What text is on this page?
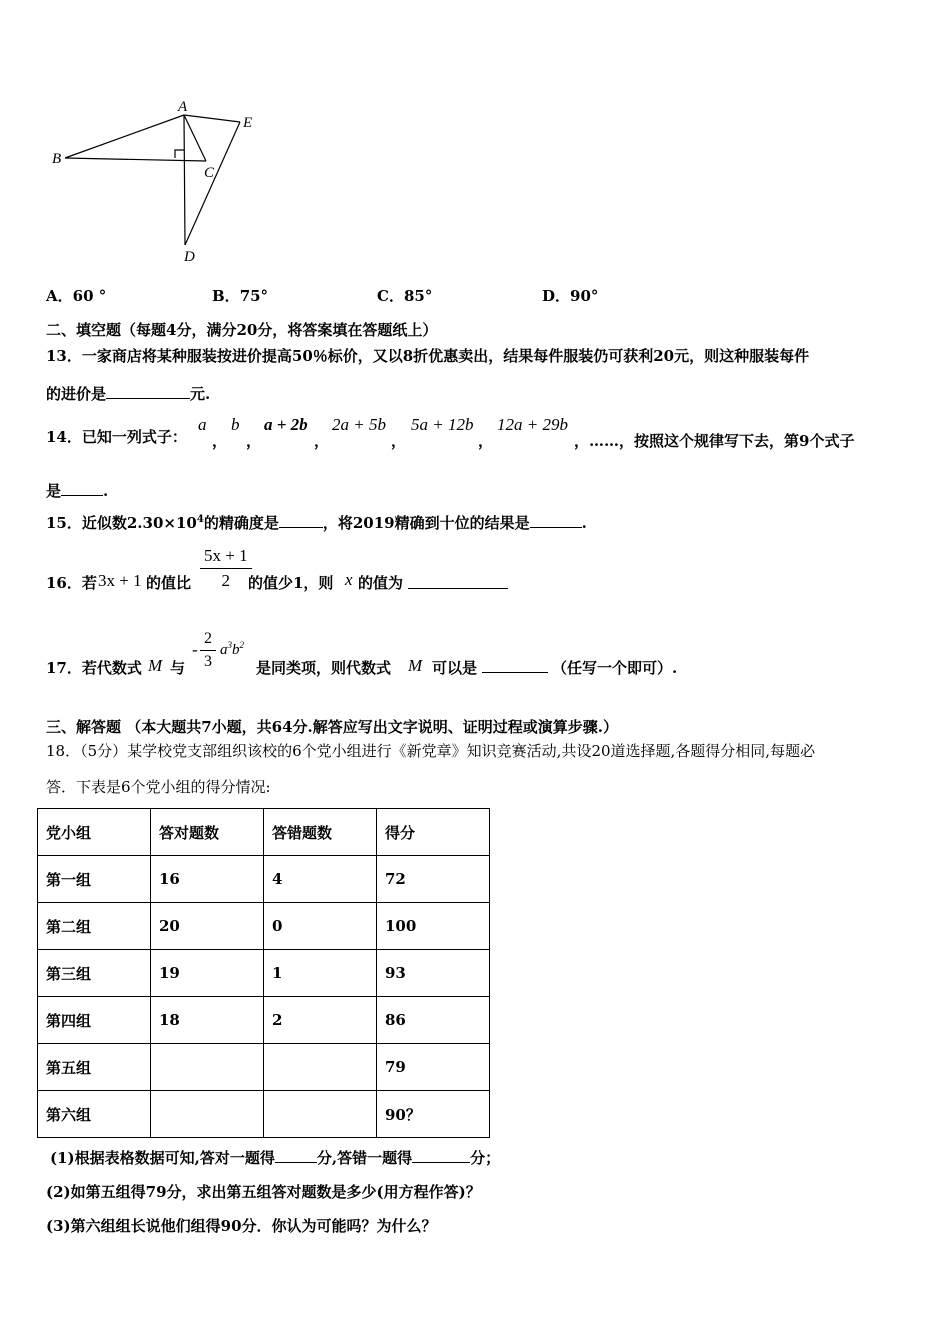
A
B
C
D
E
A．60 °	B．75°	C．85°	D．90°
二、填空题（每题4分，满分20分，将答案填在答题纸上）
13．一家商店将某种服装按进价提高50％标价，又以8折优惠卖出，结果每件服装仍可获利20元，则这种服装每件
的进价是	元.
14．已知一列式子：
a
，
b
，
a + 2b
，
2a + 5b
，
5a + 12b
，
12a + 29b
，……，按照这个规律写下去，第9个式子
是	.
15．近似数$2.30\times 10^4$的精确度是	，将2019精确到十位的结果是	.
16．若 3x + 1 的值比 $\frac{5x + 1}{2}$
的值少1，则 x 的值为
17．若代数式 M 与
- $\frac{2}{3} a^3b^2$
是同类项，则代数式 M 可以是	（任写一个即可）.
三、解答题 （本大题共7小题，共64分.解答应写出文字说明、证明过程或演算步骤.）
18．（5分）某学校党支部组织该校的6个党小组进行《新党章》知识竞赛活动,共设20道选择题,各题得分相同,每题必
答．下表是6个党小组的得分情况:
党小组	答对题数	答错题数	得分
第一组	16	4	72
第二组	20	0	100
第三组	19	1	93
第四组	18	2	86
第五组			79
第六组			90？
(1)根据表格数据可知,答对一题得	分,答错一题得	分；
(2)如第五组得79分，求出第五组答对题数是多少(用方程作答)？
(3)第六组组长说他们组得90分．你认为可能吗？为什么？
